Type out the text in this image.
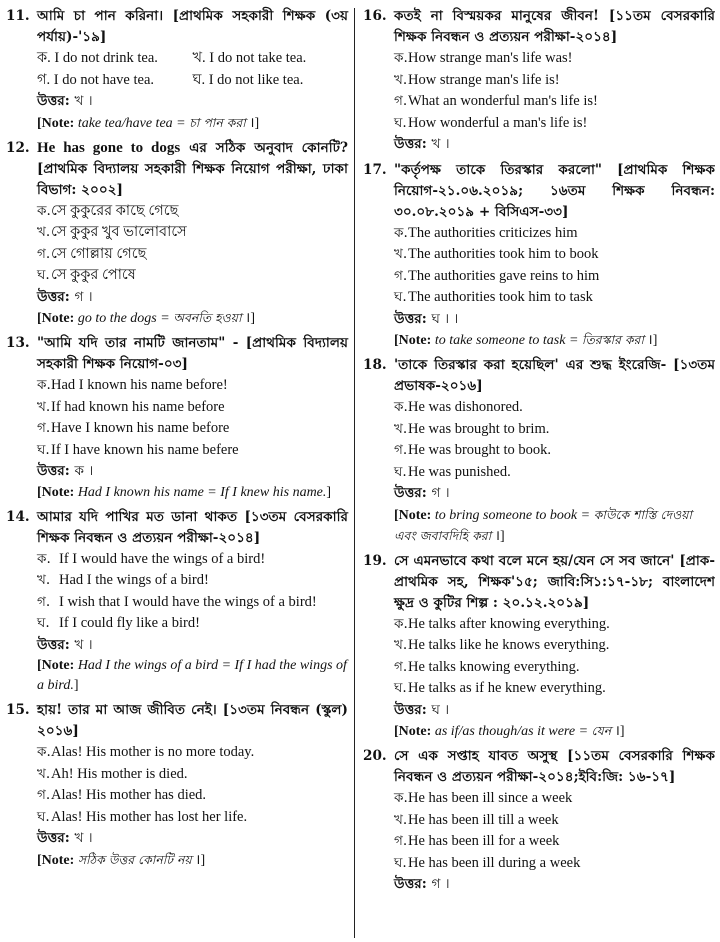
11. আমি চা পান করিনা। [প্রাথমিক সহকারী শিক্ষক (৩য় পর্যায়)-'১৯]
ক. I do not drink tea.	খ. I do not take tea.
গ. I do not have tea.	ঘ. I do not like tea.
উত্তর: খ ।
[Note: take tea/have tea = চা পান করা ।]
12. He has gone to dogs এর সঠিক অনুবাদ কোনটি? [প্রাথমিক বিদ্যালয় সহকারী শিক্ষক নিয়োগ পরীক্ষা, ঢাকা বিভাগ: ২০০২]
ক. সে কুকুরের কাছে গেছে
খ. সে কুকুর খুব ভালোবাসে
গ. সে গোল্লায় গেছে
ঘ. সে কুকুর পোষে
উত্তর: গ ।
[Note: go to the dogs = অবনতি হওয়া ।]
13. "আমি যদি তার নামটি জানতাম" - [প্রাথমিক বিদ্যালয় সহকারী শিক্ষক নিয়োগ-০৩]
ক. Had I known his name before!
খ. If had known his name before
গ. Have I known his name before
ঘ. If I have known his name befere
উত্তর: ক ।
[Note: Had I known his name = If I knew his name.]
14. আমার যদি পাখির মত ডানা থাকত [১৩তম বেসরকারি শিক্ষক নিবন্ধন ও প্রত্যয়ন পরীক্ষা-২০১৪]
ক. If I would have the wings of a bird!
খ. Had I the wings of a bird!
গ. I wish that I would have the wings of a bird!
ঘ. If I could fly like a bird!
উত্তর: খ ।
[Note: Had I the wings of a bird = If I had the wings of a bird.]
15. হায়! তার মা আজ জীবিত নেই। [১৩তম নিবন্ধন (স্কুল) ২০১৬]
ক. Alas! His mother is no more today.
খ. Ah! His mother is died.
গ. Alas! His mother has died.
ঘ. Alas! His mother has lost her life.
উত্তর: খ ।
[Note: সঠিক উত্তর কোনটি নয় ।]
16. কতই না বিস্ময়কর মানুষের জীবন! [১১তম বেসরকারি শিক্ষক নিবন্ধন ও প্রত্যয়ন পরীক্ষা-২০১৪]
ক. How strange man's life was!
খ. How strange man's life is!
গ. What an wonderful man's life is!
ঘ. How wonderful a man's life is!
উত্তর: খ ।
17. "কর্তৃপক্ষ তাকে তিরস্কার করলো" [প্রাথমিক শিক্ষক নিয়োগ-২১.০৬.২০১৯; ১৬তম শিক্ষক নিবন্ধন: ৩০.০৮.২০১৯ + বিসিএস-৩৩]
ক. The authorities criticizes him
খ. The authorities took him to book
গ. The authorities gave reins to him
ঘ. The authorities took him to task
উত্তর: ঘ । ।
[Note: to take someone to task = তিরস্কার করা ।]
18. 'তাকে তিরস্কার করা হয়েছিল' এর শুদ্ধ ইংরেজি- [১৩তম প্রভাষক-২০১৬]
ক. He was dishonored.
খ. He was brought to brim.
গ. He was brought to book.
ঘ. He was punished.
উত্তর: গ ।
[Note: to bring someone to book = কাউকে শাস্তি দেওয়া এবং জবাবদিহি করা ।]
19. সে এমনভাবে কথা বলে মনে হয়/যেন সে সব জানে' [প্রাক-প্রাথমিক সহ, শিক্ষক'১৫; জাবি:সি১:১৭-১৮; বাংলাদেশ ক্ষুদ্র ও কুটির শিল্প : ২০.১২.২০১৯]
ক. He talks after knowing everything.
খ. He talks like he knows everything.
গ. He talks knowing everything.
ঘ. He talks as if he knew everything.
উত্তর: ঘ ।
[Note: as if/as though/as it were = যেন ।]
20. সে এক সপ্তাহ যাবত অসুস্থ [১১তম বেসরকারি শিক্ষক নিবন্ধন ও প্রত্যয়ন পরীক্ষা-২০১৪;ইবি:জি: ১৬-১৭]
ক. He has been ill since a week
খ. He has been ill till a week
গ. He has been ill for a week
ঘ. He has been ill during a week
উত্তর: গ ।
